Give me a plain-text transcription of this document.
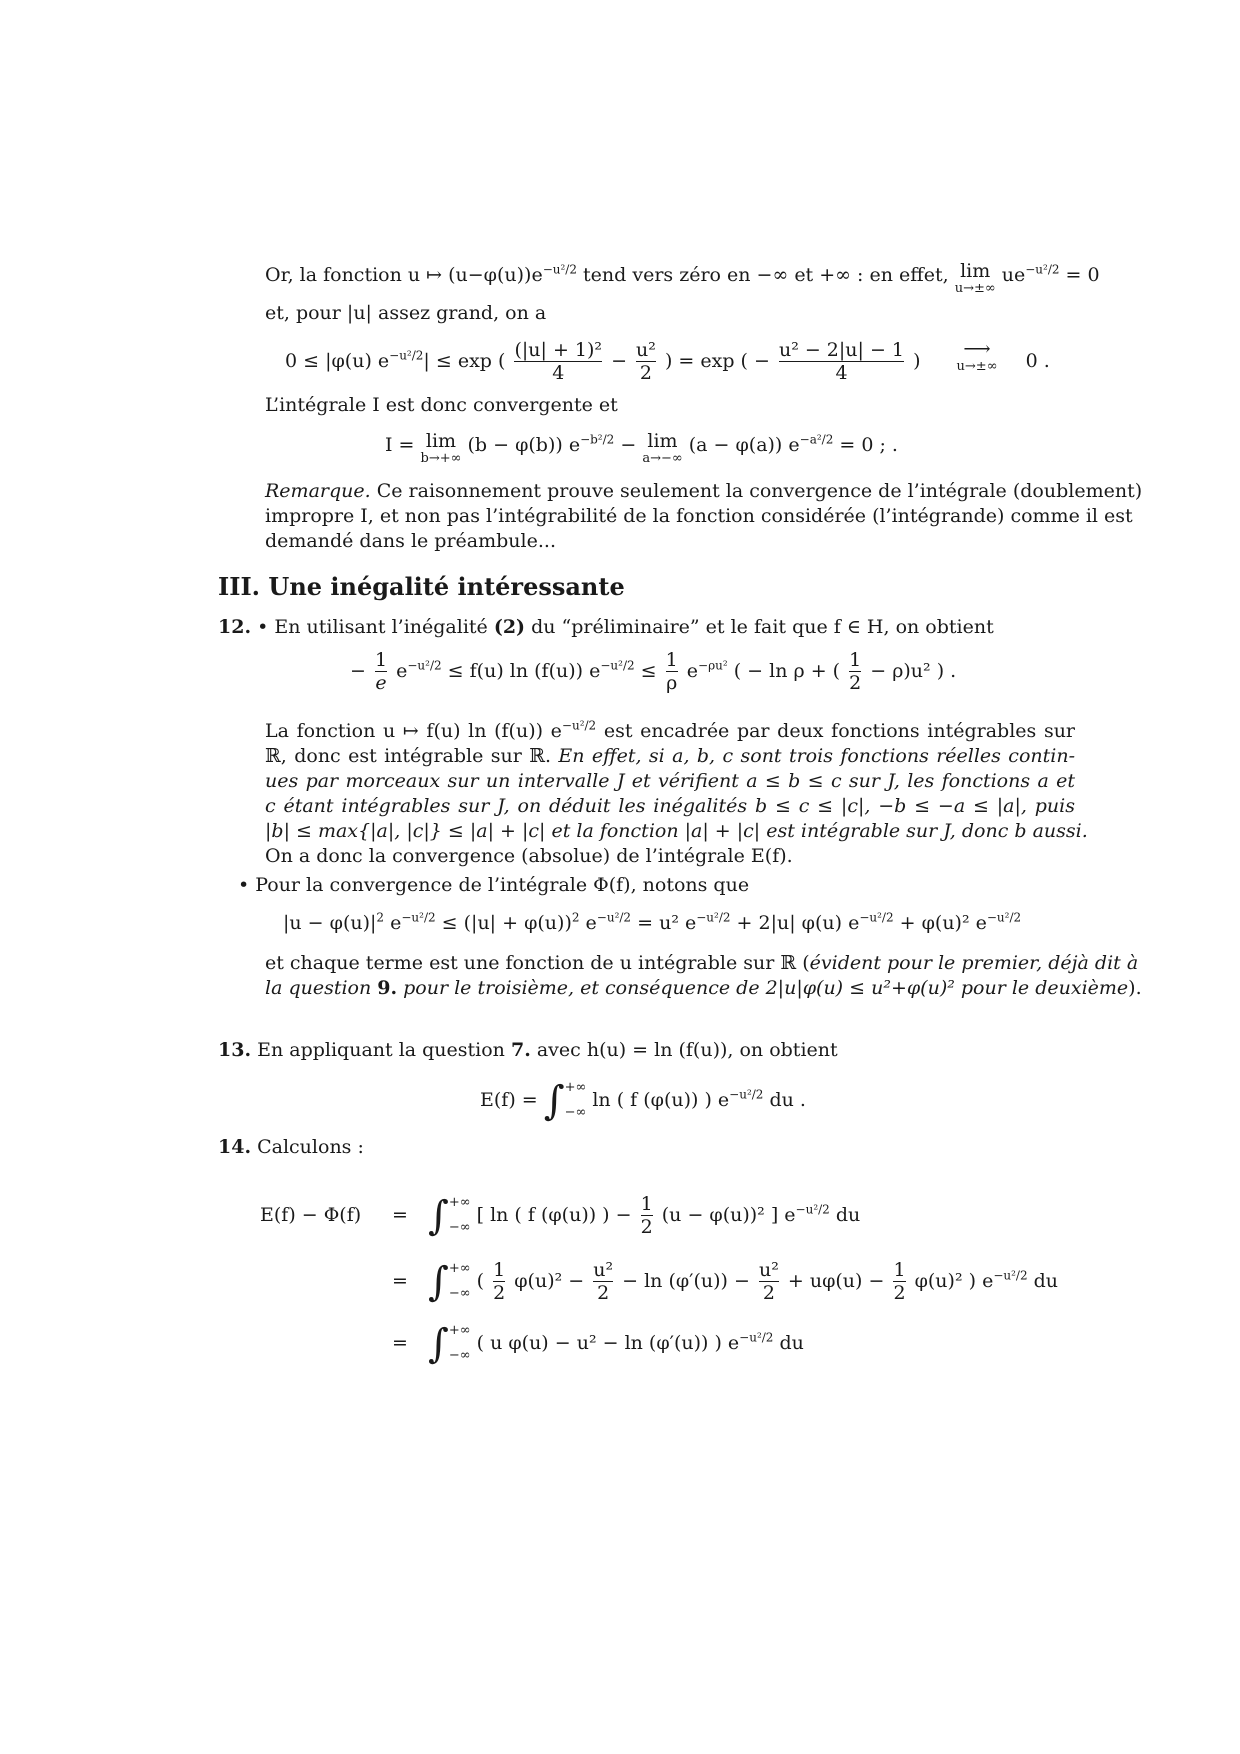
Or, la fonction u ↦ $(u-\varphi(u))e^{-u^2/2}$ tend vers zéro en −∞ et +∞ : en effet, lim
u→±∞
$ue^{-u^2/2} = 0$
et, pour |u| assez grand, on a
0 ≤ |φ(u) $e^{-u^2/2}| \le \exp$ ( $\frac{\text{(|u| + 1)²}}{4} - \frac{\text{u²}}{2}$ ) = exp ( − $\frac{\text{u² − 2|u| − 1}}{4}$ ) ⟶
u→±∞ 0 .
L’intégrale I est donc convergente et
I = lim
b→+∞
(b − φ(b)) $e^{-b^2/2} - \lim$
a→−∞
(a − φ(a)) $e^{-a^2/2} = 0$ ; .
Remarque. Ce raisonnement prouve seulement la convergence de l’intégrale (doublement)
impropre I, et non pas l’intégrabilité de la fonction considérée (l’intégrande) comme il est
demandé dans le préambule...
III. Une inégalité intéressante
12. • En utilisant l’inégalité (2) du “préliminaire” et le fait que f ∈ H, on obtient
− $\frac{1}{e} e^{-u^2/2} \le f(u)$ ln (f(u)) $e^{-u^2/2} \le \frac{1}{\rho} e^{-\rho u^2}$ ( − ln ρ + ( $\frac{1}{2} - \rho)u^2$ ) .
La fonction u ↦ f(u) ln (f(u)) $e^{-u^2/2}$ est encadrée par deux fonctions intégrables sur
ℝ, donc est intégrable sur ℝ. En effet, si a, b, c sont trois fonctions réelles contin-
ues par morceaux sur un intervalle J et vérifient a ≤ b ≤ c sur J, les fonctions a et
c étant intégrables sur J, on déduit les inégalités b ≤ c ≤ |c|, −b ≤ −a ≤ |a|, puis
|b| ≤ max{|a|, |c|} ≤ |a| + |c| et la fonction |a| + |c| est intégrable sur J, donc b aussi.
On a donc la convergence (absolue) de l’intégrale E(f).
• Pour la convergence de l’intégrale Φ(f), notons que
$|u - \varphi(u)|^2$ $e^{-u^2/2} \le (|u| + \varphi(u))^2$ $e^{-u^2/2} = u^2$ $e^{-u^2/2} + 2|u|$ φ(u) $e^{-u^2/2} + \varphi(u)^2$ $e^{-u^2/2}$
et chaque terme est une fonction de u intégrable sur ℝ (évident pour le premier, déjà dit à
la question 9. pour le troisième, et conséquence de 2|u|φ(u) ≤ u²+φ(u)² pour le deuxième).
13. En appliquant la question 7. avec h(u) = ln (f(u)), on obtient
E(f) = ∫ +∞
−∞
ln ( f (φ(u)) ) $e^{-u^2/2}$ du .
14. Calculons :
E(f) − Φ(f) = ∫ +∞
−∞
[ ln ( f (φ(u)) ) − $\frac{1}{2} (u - \varphi(u))^2$ ] $e^{-u^2/2}$ du
= ∫ +∞
−∞
( $\frac{1}{2} \varphi(u)^2 - \frac{\text{u²}}{2} - \ln (\varphi'(u)) - \frac{\text{u²}}{2} + u\varphi(u) - \frac{1}{2} \varphi(u)^2$ ) $e^{-u^2/2}$ du
= ∫ +∞
−∞
( u φ(u) − u² − ln (φ′(u)) ) $e^{-u^2/2}$ du
